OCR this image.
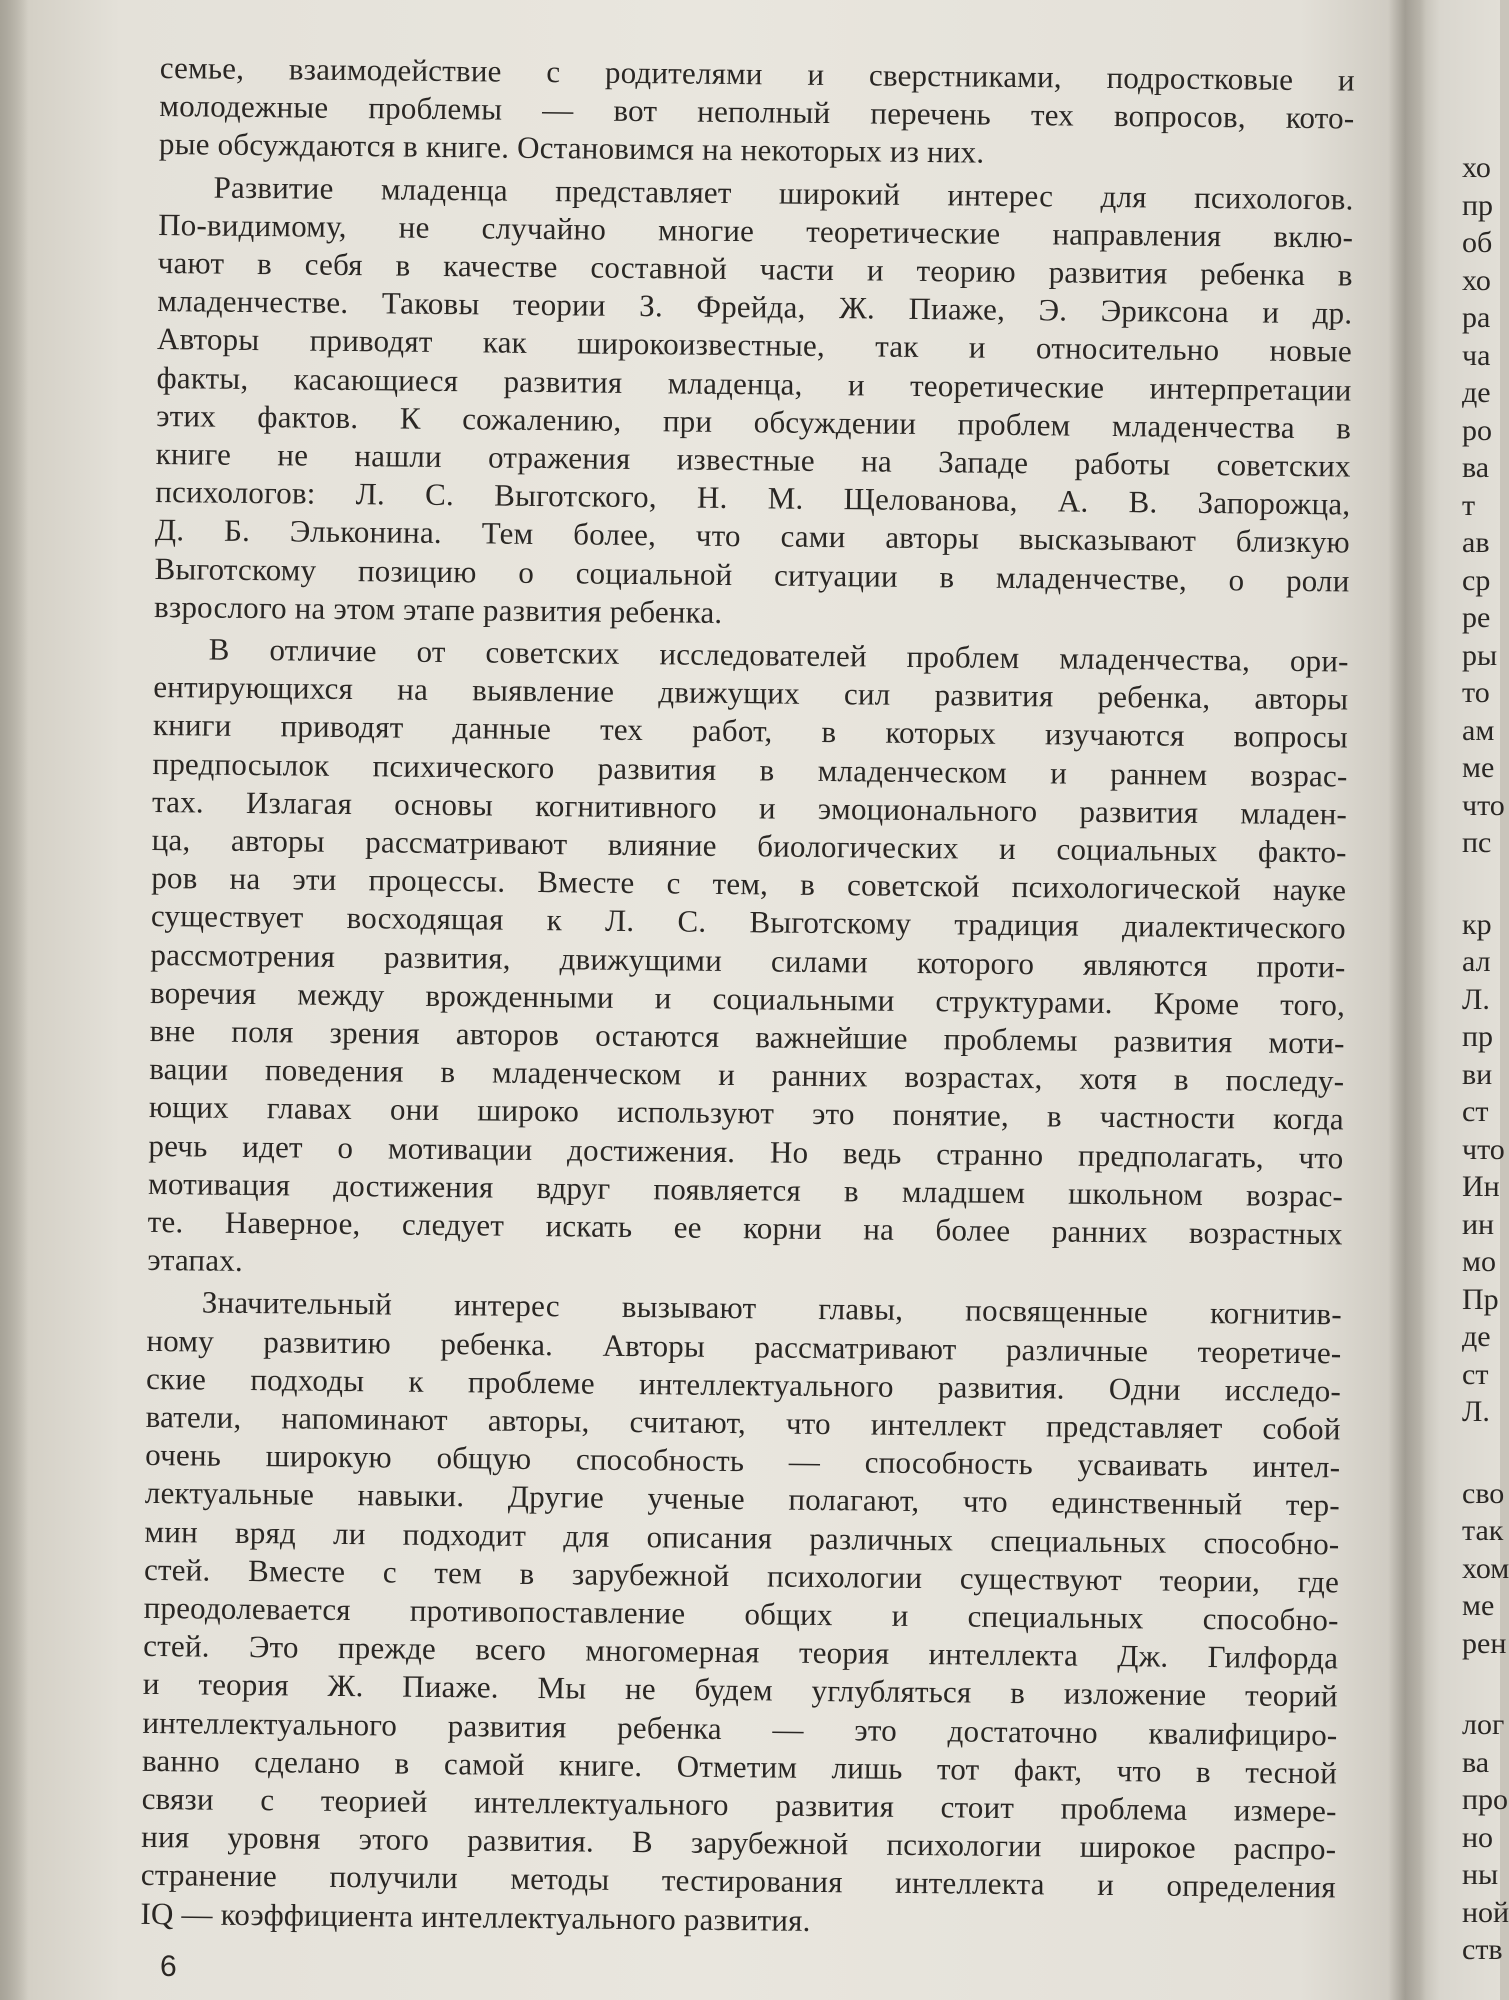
семье, взаимодействие с родителями и сверстниками, подростковые и
молодежные проблемы — вот неполный перечень тех вопросов, кото-
рые обсуждаются в книге. Остановимся на некоторых из них.
Развитие младенца представляет широкий интерес для психологов.
По-видимому, не случайно многие теоретические направления вклю-
чают в себя в качестве составной части и теорию развития ребенка в
младенчестве. Таковы теории З. Фрейда, Ж. Пиаже, Э. Эриксона и др.
Авторы приводят как широкоизвестные, так и относительно новые
факты, касающиеся развития младенца, и теоретические интерпретации
этих фактов. К сожалению, при обсуждении проблем младенчества в
книге не нашли отражения известные на Западе работы советских
психологов: Л. С. Выготского, Н. М. Щелованова, А. В. Запорожца,
Д. Б. Эльконина. Тем более, что сами авторы высказывают близкую
Выготскому позицию о социальной ситуации в младенчестве, о роли
взрослого на этом этапе развития ребенка.
В отличие от советских исследователей проблем младенчества, ори-
ентирующихся на выявление движущих сил развития ребенка, авторы
книги приводят данные тех работ, в которых изучаются вопросы
предпосылок психического развития в младенческом и раннем возрас-
тах. Излагая основы когнитивного и эмоционального развития младен-
ца, авторы рассматривают влияние биологических и социальных факто-
ров на эти процессы. Вместе с тем, в советской психологической науке
существует восходящая к Л. С. Выготскому традиция диалектического
рассмотрения развития, движущими силами которого являются проти-
воречия между врожденными и социальными структурами. Кроме того,
вне поля зрения авторов остаются важнейшие проблемы развития моти-
вации поведения в младенческом и ранних возрастах, хотя в последу-
ющих главах они широко используют это понятие, в частности когда
речь идет о мотивации достижения. Но ведь странно предполагать, что
мотивация достижения вдруг появляется в младшем школьном возрас-
те. Наверное, следует искать ее корни на более ранних возрастных
этапах.
Значительный интерес вызывают главы, посвященные когнитив-
ному развитию ребенка. Авторы рассматривают различные теоретиче-
ские подходы к проблеме интеллектуального развития. Одни исследо-
ватели, напоминают авторы, считают, что интеллект представляет собой
очень широкую общую способность — способность усваивать интел-
лектуальные навыки. Другие ученые полагают, что единственный тер-
мин вряд ли подходит для описания различных специальных способно-
стей. Вместе с тем в зарубежной психологии существуют теории, где
преодолевается противопоставление общих и специальных способно-
стей. Это прежде всего многомерная теория интеллекта Дж. Гилфорда
и теория Ж. Пиаже. Мы не будем углубляться в изложение теорий
интеллектуального развития ребенка — это достаточно квалифициро-
ванно сделано в самой книге. Отметим лишь тот факт, что в тесной
связи с теорией интеллектуального развития стоит проблема измере-
ния уровня этого развития. В зарубежной психологии широкое распро-
странение получили методы тестирования интеллекта и определения
IQ — коэффициента интеллектуального развития.
6
хо
пр
об
хо
ра
ча
де
ро
ва
т
ав
ср
ре
ры
то
ам
ме
что
пс
кр
ал
Л.
пр
ви
ст
что
Ин
ин
мо
Пр
де
ст
Л.
сво
так
хом
ме
рен
лог
ва
про
но
ны
ной
ств
